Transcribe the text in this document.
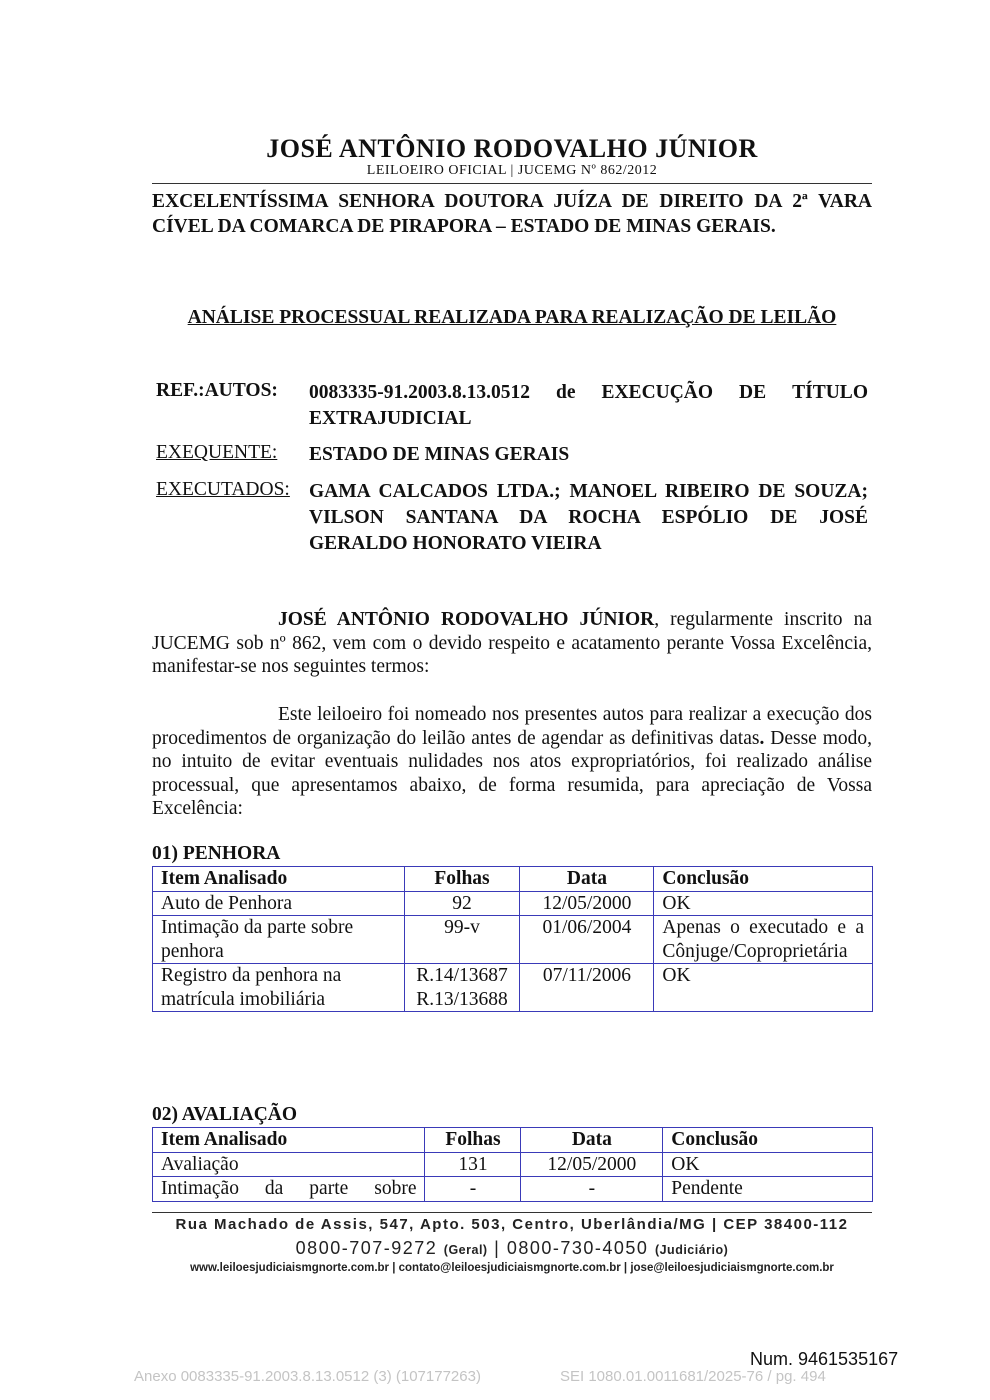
JOSÉ ANTÔNIO RODOVALHO JÚNIOR
LEILOEIRO OFICIAL | JUCEMG Nº 862/2012
EXCELENTÍSSIMA SENHORA DOUTORA JUÍZA DE DIREITO DA 2ª VARA CÍVEL DA COMARCA DE PIRAPORA – ESTADO DE MINAS GERAIS.
ANÁLISE PROCESSUAL REALIZADA PARA REALIZAÇÃO DE LEILÃO
REF.:AUTOS: 0083335-91.2003.8.13.0512 de EXECUÇÃO DE TÍTULO
EXTRAJUDICIAL
EXEQUENTE: ESTADO DE MINAS GERAIS
EXECUTADOS: GAMA CALCADOS LTDA.; MANOEL RIBEIRO DE SOUZA; VILSON SANTANA DA ROCHA ESPÓLIO DE JOSÉ GERALDO HONORATO VIEIRA
JOSÉ ANTÔNIO RODOVALHO JÚNIOR, regularmente inscrito na JUCEMG sob nº 862, vem com o devido respeito e acatamento perante Vossa Excelência, manifestar-se nos seguintes termos:
Este leiloeiro foi nomeado nos presentes autos para realizar a execução dos procedimentos de organização do leilão antes de agendar as definitivas datas. Desse modo, no intuito de evitar eventuais nulidades nos atos expropriatórios, foi realizado análise processual, que apresentamos abaixo, de forma resumida, para apreciação de Vossa Excelência:
01) PENHORA
Item Analisado	Folhas	Data	Conclusão
Auto de Penhora	92	12/05/2000	OK
Intimação da parte sobre penhora	99-v	01/06/2004	Apenas o executado e a Cônjuge/Coproprietária
Registro da penhora na matrícula imobiliária	R.14/13687 R.13/13688	07/11/2006	OK
02) AVALIAÇÃO
Item Analisado	Folhas	Data	Conclusão
Avaliação	131	12/05/2000	OK
Intimação da parte sobre	-	-	Pendente
Rua Machado de Assis, 547, Apto. 503, Centro, Uberlândia/MG | CEP 38400-112
0800-707-9272 (Geral) | 0800-730-4050 (Judiciário)
www.leiloesjudiciaismgnorte.com.br | contato@leiloesjudiciaismgnorte.com.br | jose@leiloesjudiciaismgnorte.com.br
Num. 9461535167
Anexo 0083335-91.2003.8.13.0512 (3) (107177263)	SEI 1080.01.0011681/2025-76 / pg. 494
